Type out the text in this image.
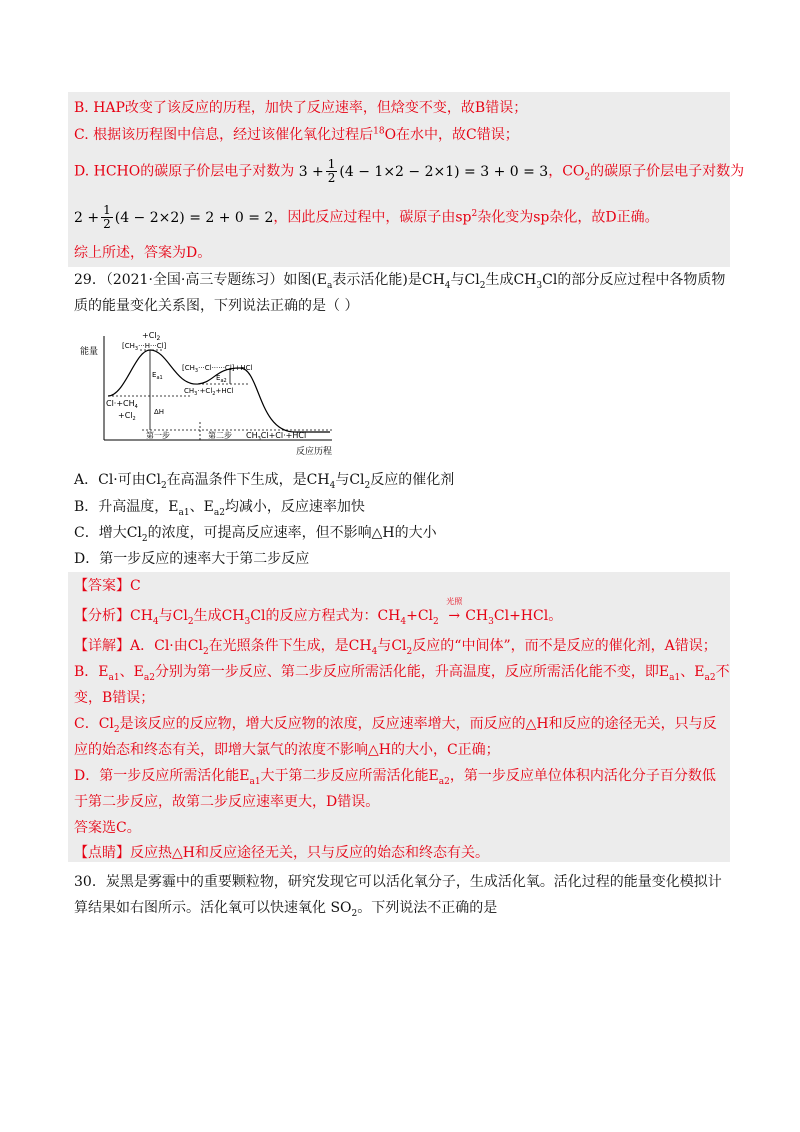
B. HAP改变了该反应的历程，加快了反应速率，但焓变不变，故B错误；
C. 根据该历程图中信息，经过该催化氧化过程后$^{18}$O在水中，故C错误；
D. HCHO的碳原子价层电子对数为 $3 + \frac{1}{2} (4 - 1\times 2 - 2\times 1) = 3 + 0 = 3$，$CO_2$的碳原子价层电子对数为
$2 + \frac{1}{2} (4 - 2\times 2) = 2 + 0 = 2$，因此反应过程中，碳原子由$sp^2$杂化变为sp杂化，故D正确。
综上所述，答案为D。
29．（2021·全国·高三专题练习）如图($E_a$表示活化能)是$CH_4$与$Cl_2$生成$CH_3Cl$的部分反应过程中各物质物
质的能量变化关系图，下列说法正确的是（ ）
能量
反应历程
$+Cl_2$
$[CH_3\cdot\cdot\cdot H\cdot\cdot\cdot Cl]$
$[CH_3\cdot\cdot\cdot Cl\cdot\cdot\cdot\cdot\cdot\cdot Cl]+HCl$
$E_{a1}$	$E_{a2}$
$CH_3\cdot+Cl_2+HCl$
$Cl\cdot+CH_4$
$+Cl_2$
ΔH
第一步	第二步 $CH_3Cl+Cl\cdot+HCl$
A．Cl·可由$Cl_2$在高温条件下生成，是$CH_4$与$Cl_2$反应的催化剂
B．升高温度，$E_{a1}$、$E_{a2}$均减小，反应速率加快
C．增大$Cl_2$的浓度，可提高反应速率，但不影响△H的大小
D．第一步反应的速率大于第二步反应
【答案】C
【分析】$CH_4$与$Cl_2$生成$CH_3Cl$的反应方程式为：$CH_4+Cl_2$
光照
→ $CH_3Cl+HCl$。
【详解】A．Cl·由$Cl_2$在光照条件下生成，是$CH_4$与$Cl_2$反应的“中间体”，而不是反应的催化剂，A错误；
B．$E_{a1}$、$E_{a2}$分别为第一步反应、第二步反应所需活化能，升高温度，反应所需活化能不变，即$E_{a1}$、$E_{a2}$不
变，B错误；
C．$Cl_2$是该反应的反应物，增大反应物的浓度，反应速率增大，而反应的△H和反应的途径无关，只与反
应的始态和终态有关，即增大氯气的浓度不影响△H的大小，C正确；
D．第一步反应所需活化能$E_{a1}$大于第二步反应所需活化能$E_{a2}$，第一步反应单位体积内活化分子百分数低
于第二步反应，故第二步反应速率更大，D错误。
答案选C。
【点睛】反应热△H和反应途径无关，只与反应的始态和终态有关。
30．炭黑是雾霾中的重要颗粒物，研究发现它可以活化氧分子，生成活化氧。活化过程的能量变化模拟计
算结果如右图所示。活化氧可以快速氧化 $SO_2$。下列说法不正确的是
